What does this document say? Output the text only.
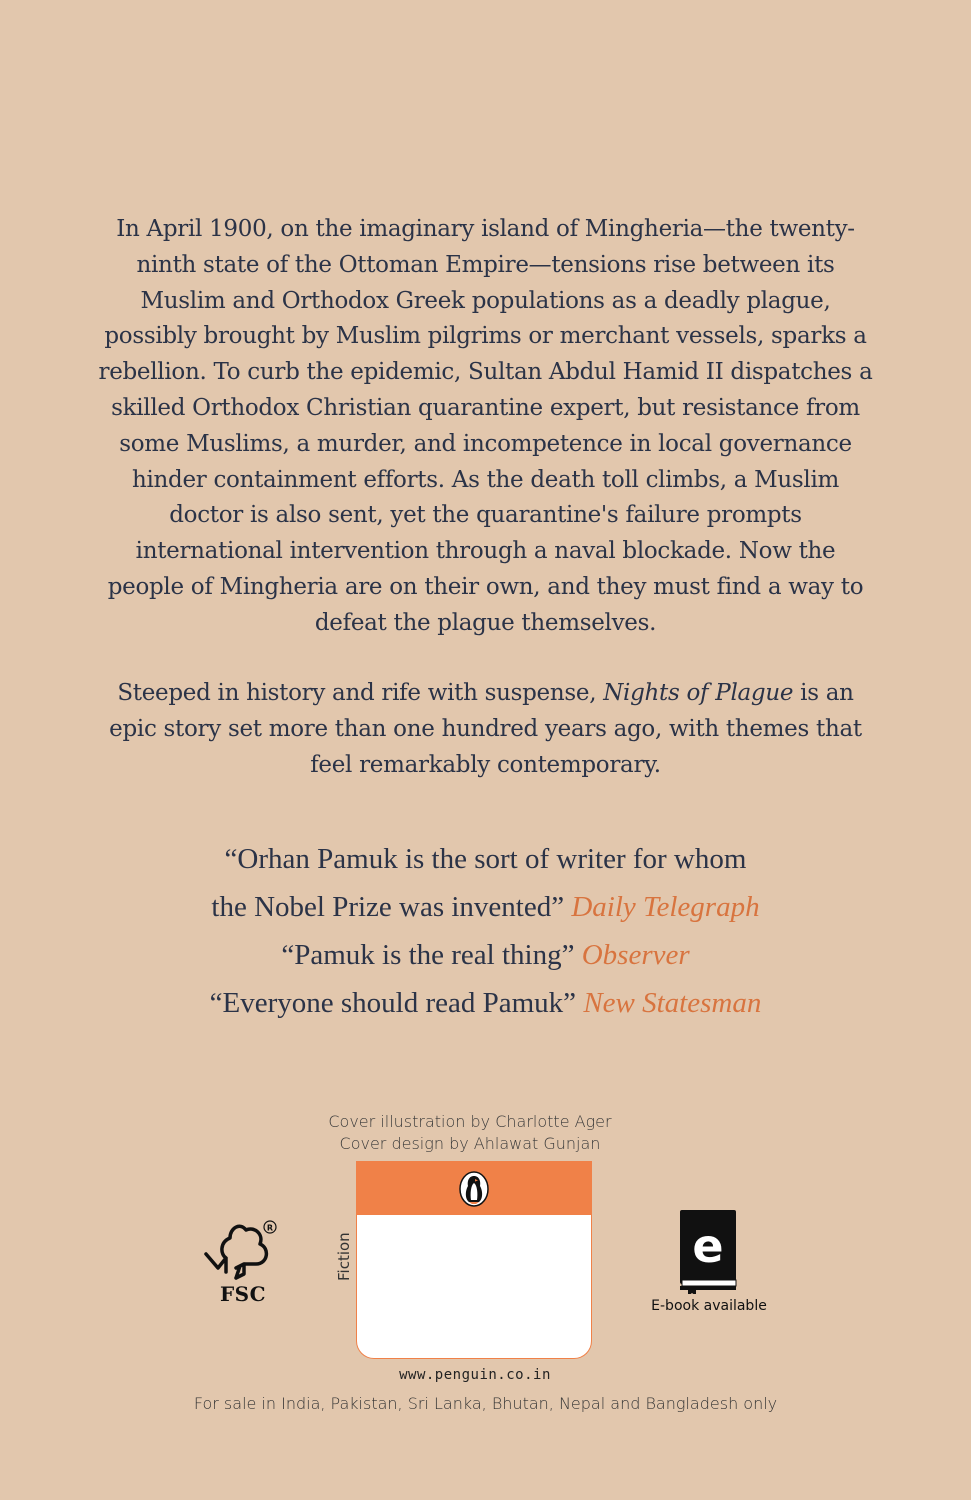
In April 1900, on the imaginary island of Mingheria—the twenty-ninth state of the Ottoman Empire—tensions rise between its Muslim and Orthodox Greek populations as a deadly plague, possibly brought by Muslim pilgrims or merchant vessels, sparks a rebellion. To curb the epidemic, Sultan Abdul Hamid II dispatches a skilled Orthodox Christian quarantine expert, but resistance from some Muslims, a murder, and incompetence in local governance hinder containment efforts. As the death toll climbs, a Muslim doctor is also sent, yet the quarantine's failure prompts international intervention through a naval blockade. Now the people of Mingheria are on their own, and they must find a way to defeat the plague themselves.

Steeped in history and rife with suspense, Nights of Plague is an epic story set more than one hundred years ago, with themes that feel remarkably contemporary.

“Orhan Pamuk is the sort of writer for whom
the Nobel Prize was invented” Daily Telegraph
“Pamuk is the real thing” Observer
“Everyone should read Pamuk” New Statesman
Cover illustration by Charlotte Ager
Cover design by Ahlawat Gunjan
R
FSC
Fiction
www.penguin.co.in
e
E-book available
For sale in India, Pakistan, Sri Lanka, Bhutan, Nepal and Bangladesh only
